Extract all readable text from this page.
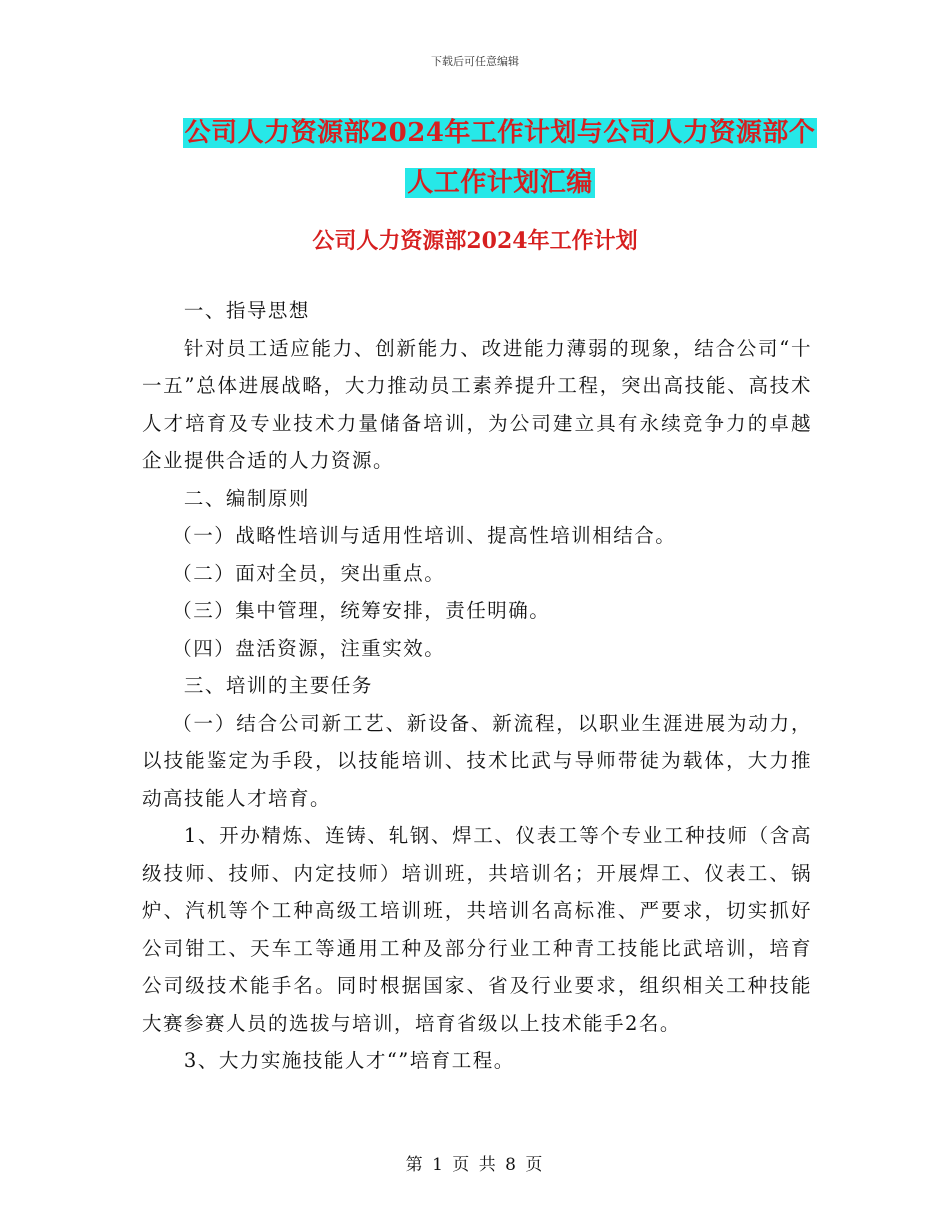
下载后可任意编辑
公司人力资源部2024年工作计划与公司人力资源部个
人工作计划汇编
公司人力资源部2024年工作计划

一、指导思想

针对员工适应能力、创新能力、改进能力薄弱的现象，结合公司“十一五”总体进展战略，大力推动员工素养提升工程，突出高技能、高技术人才培育及专业技术力量储备培训，为公司建立具有永续竞争力的卓越企业提供合适的人力资源。

二、编制原则

（一）战略性培训与适用性培训、提高性培训相结合。

（二）面对全员，突出重点。

（三）集中管理，统筹安排，责任明确。

（四）盘活资源，注重实效。

三、培训的主要任务

（一）结合公司新工艺、新设备、新流程，以职业生涯进展为动力，以技能鉴定为手段，以技能培训、技术比武与导师带徒为载体，大力推动高技能人才培育。

1、开办精炼、连铸、轧钢、焊工、仪表工等个专业工种技师（含高级技师、技师、内定技师）培训班，共培训名；开展焊工、仪表工、锅炉、汽机等个工种高级工培训班，共培训名高标准、严要求，切实抓好公司钳工、天车工等通用工种及部分行业工种青工技能比武培训，培育公司级技术能手名。同时根据国家、省及行业要求，组织相关工种技能大赛参赛人员的选拔与培训，培育省级以上技术能手2名。

3、大力实施技能人才“”培育工程。

第 1 页 共 8 页
